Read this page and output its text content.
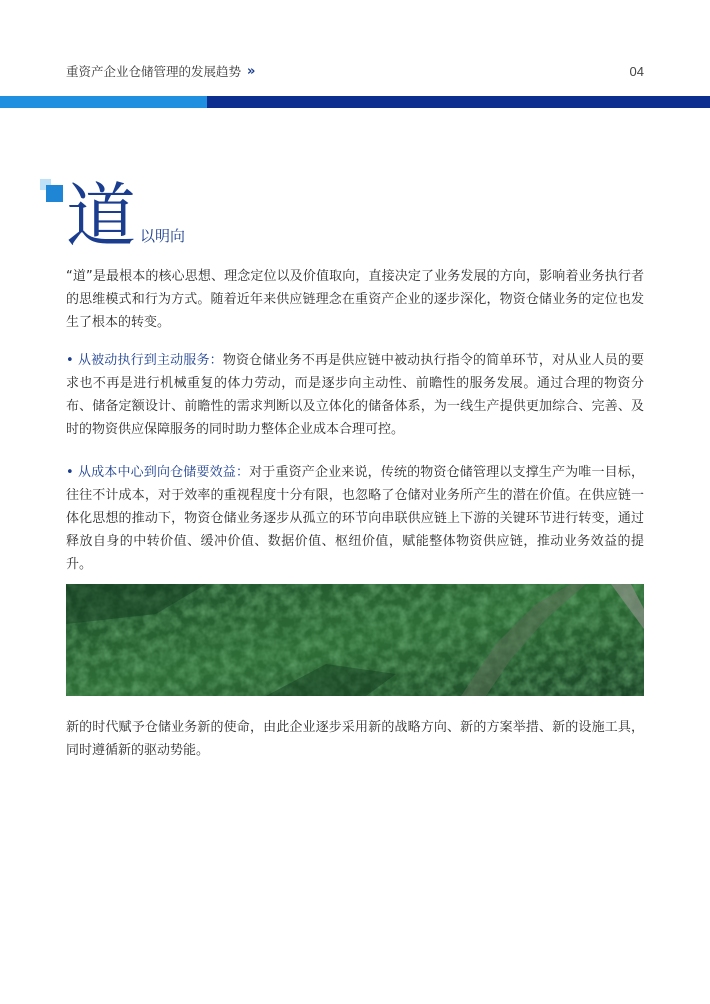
重资产企业仓储管理的发展趋势 »	04
道 以明向

“道”是最根本的核心思想、理念定位以及价值取向，直接决定了业务发展的方向，影响着业务执行者的思维模式和行为方式。随着近年来供应链理念在重资产企业的逐步深化，物资仓储业务的定位也发生了根本的转变。

• 从被动执行到主动服务：物资仓储业务不再是供应链中被动执行指令的简单环节，对从业人员的要求也不再是进行机械重复的体力劳动，而是逐步向主动性、前瞻性的服务发展。通过合理的物资分布、储备定额设计、前瞻性的需求判断以及立体化的储备体系，为一线生产提供更加综合、完善、及时的物资供应保障服务的同时助力整体企业成本合理可控。

• 从成本中心到向仓储要效益：对于重资产企业来说，传统的物资仓储管理以支撑生产为唯一目标，往往不计成本，对于效率的重视程度十分有限，也忽略了仓储对业务所产生的潜在价值。在供应链一体化思想的推动下，物资仓储业务逐步从孤立的环节向串联供应链上下游的关键环节进行转变，通过释放自身的中转价值、缓冲价值、数据价值、枢纽价值，赋能整体物资供应链，推动业务效益的提升。

新的时代赋予仓储业务新的使命，由此企业逐步采用新的战略方向、新的方案举措、新的设施工具，同时遵循新的驱动势能。
